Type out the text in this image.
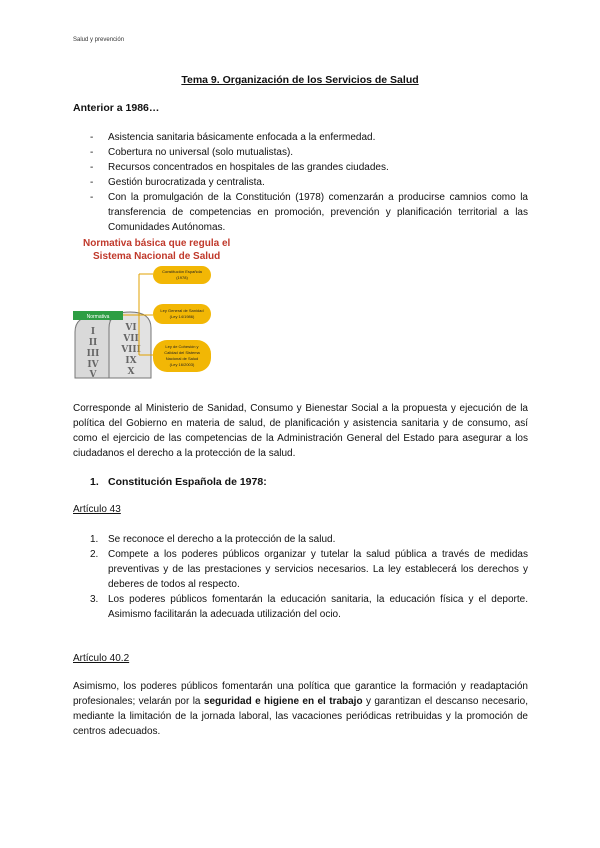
Salud y prevención
Tema 9. Organización de los Servicios de Salud
Anterior a 1986…
-	Asistencia sanitaria básicamente enfocada a la enfermedad.
-	Cobertura no universal (solo mutualistas).
-	Recursos concentrados en hospitales de las grandes ciudades.
-	Gestión burocratizada y centralista.
-	Con la promulgación de la Constitución (1978) comenzarán a producirse camnios como la transferencia de competencias en promoción, prevención y planificación territorial a las Comunidades Autónomas.
Normativa básica que regula el
Sistema Nacional de Salud
I
II
III
IV
V
VI
VII
VIII
IX
X
Normativa
Constitución Española
(1978)
Ley General de Sanidad
(Ley 14/1986)
Ley de Cohesión y
Calidad del Sistema
Nacional de Salud
(Ley 16/2003)

Corresponde al Ministerio de Sanidad, Consumo y Bienestar Social a la propuesta y ejecución de la política del Gobierno en materia de salud, de planificación y asistencia sanitaria y de consumo, así como el ejercicio de las competencias de la Administración General del Estado para asegurar a los ciudadanos el derecho a la protección de la salud.

1. Constitución Española de 1978:
Artículo 43
1. Se reconoce el derecho a la protección de la salud.
2. Compete a los poderes públicos organizar y tutelar la salud pública a través de medidas preventivas y de las prestaciones y servicios necesarios. La ley establecerá los derechos y deberes de todos al respecto.
3. Los poderes públicos fomentarán la educación sanitaria, la educación física y el deporte. Asimismo facilitarán la adecuada utilización del ocio.
Artículo 40.2

Asimismo, los poderes públicos fomentarán una política que garantice la formación y readaptación profesionales; velarán por la seguridad e higiene en el trabajo y garantizan el descanso necesario, mediante la limitación de la jornada laboral, las vacaciones periódicas retribuidas y la promoción de centros adecuados.
